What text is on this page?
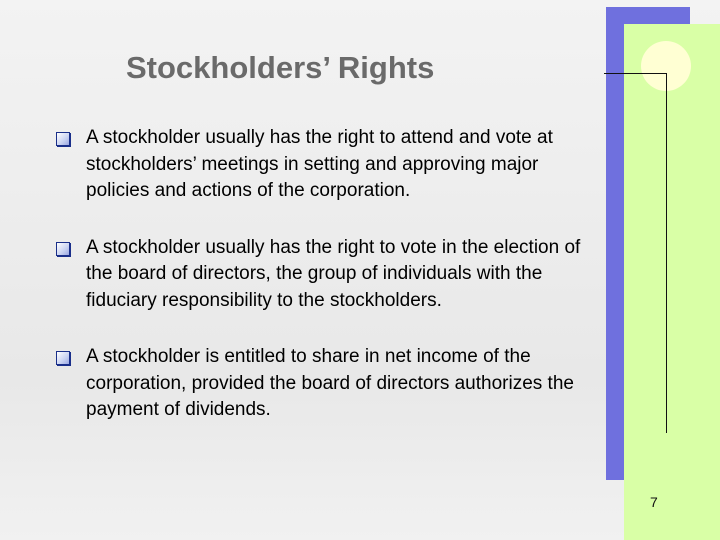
Stockholders’ Rights
A stockholder usually has the right to attend and vote at stockholders’ meetings in setting and approving major policies and actions of the corporation.
A stockholder usually has the right to vote in the election of the board of directors, the group of individuals with the fiduciary responsibility to the stockholders.
A stockholder is entitled to share in net income of the corporation, provided the board of directors authorizes the payment of dividends.
7
